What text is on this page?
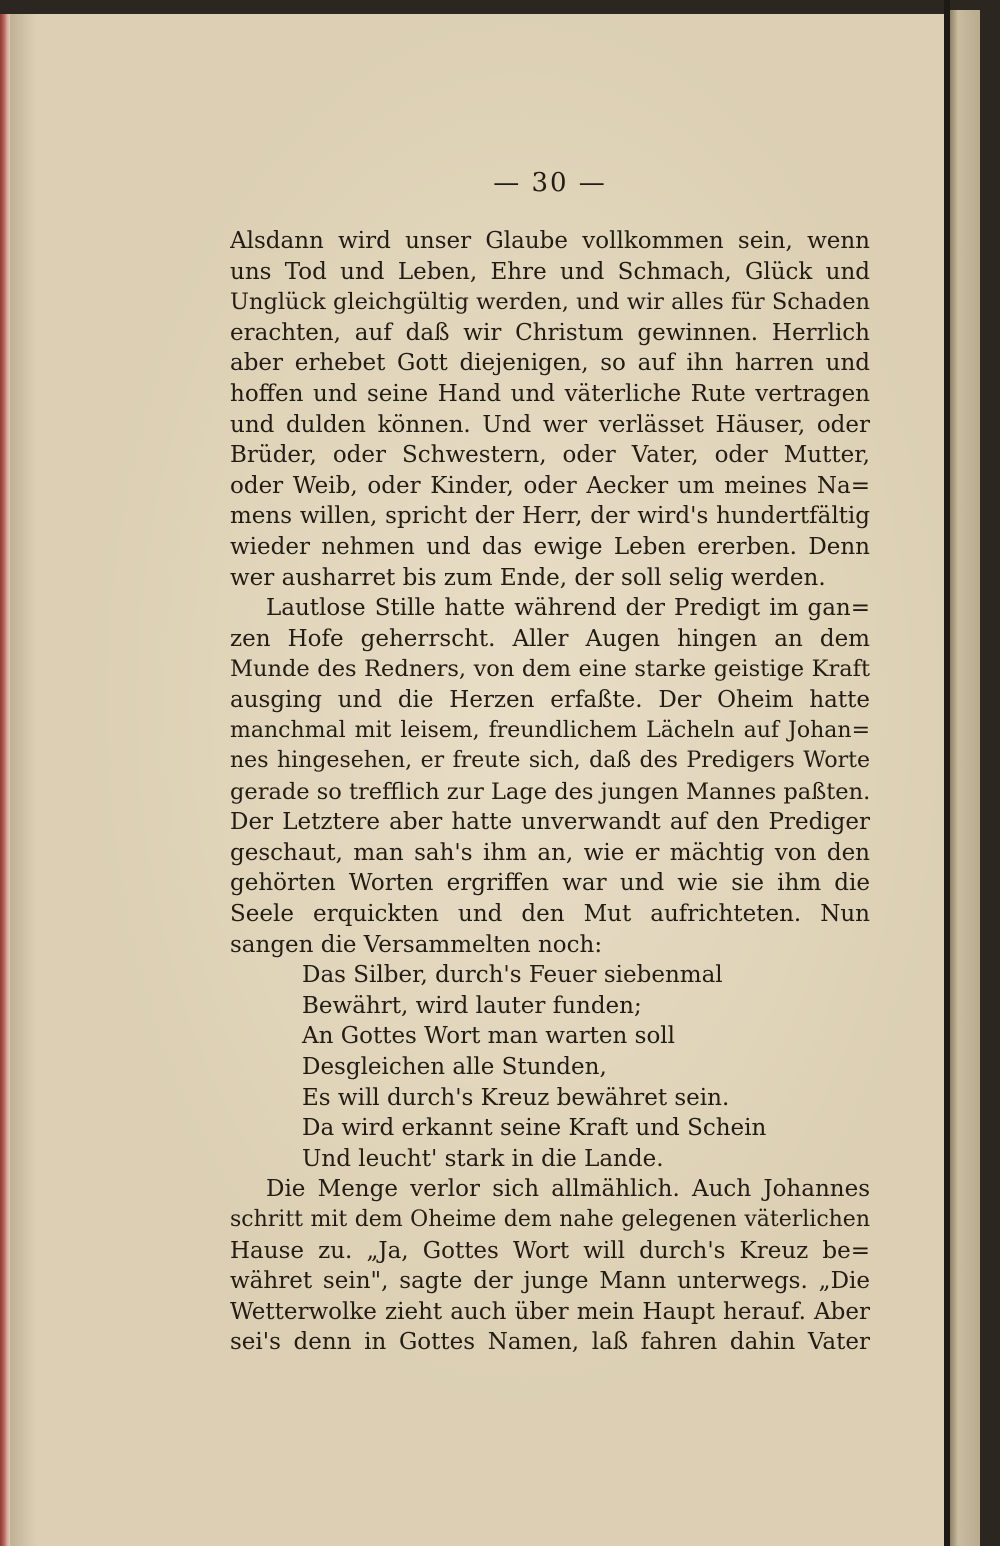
— 30 —
Alsdann wird unser Glaube vollkommen sein, wenn
uns Tod und Leben, Ehre und Schmach, Glück und
Unglück gleichgültig werden, und wir alles für Schaden
erachten, auf daß wir Christum gewinnen. Herrlich
aber erhebet Gott diejenigen, so auf ihn harren und
hoffen und seine Hand und väterliche Rute vertragen
und dulden können. Und wer verlässet Häuser, oder
Brüder, oder Schwestern, oder Vater, oder Mutter,
oder Weib, oder Kinder, oder Aecker um meines Na=
mens willen, spricht der Herr, der wird's hundertfältig
wieder nehmen und das ewige Leben ererben. Denn
wer ausharret bis zum Ende, der soll selig werden.
Lautlose Stille hatte während der Predigt im gan=
zen Hofe geherrscht. Aller Augen hingen an dem
Munde des Redners, von dem eine starke geistige Kraft
ausging und die Herzen erfaßte. Der Oheim hatte
manchmal mit leisem, freundlichem Lächeln auf Johan=
nes hingesehen, er freute sich, daß des Predigers Worte
gerade so trefflich zur Lage des jungen Mannes paßten.
Der Letztere aber hatte unverwandt auf den Prediger
geschaut, man sah's ihm an, wie er mächtig von den
gehörten Worten ergriffen war und wie sie ihm die
Seele erquickten und den Mut aufrichteten. Nun
sangen die Versammelten noch:
Das Silber, durch's Feuer siebenmal
Bewährt, wird lauter funden;
An Gottes Wort man warten soll
Desgleichen alle Stunden,
Es will durch's Kreuz bewähret sein.
Da wird erkannt seine Kraft und Schein
Und leucht' stark in die Lande.
Die Menge verlor sich allmählich. Auch Johannes
schritt mit dem Oheime dem nahe gelegenen väterlichen
Hause zu. „Ja, Gottes Wort will durch's Kreuz be=
währet sein", sagte der junge Mann unterwegs. „Die
Wetterwolke zieht auch über mein Haupt herauf. Aber
sei's denn in Gottes Namen, laß fahren dahin Vater
